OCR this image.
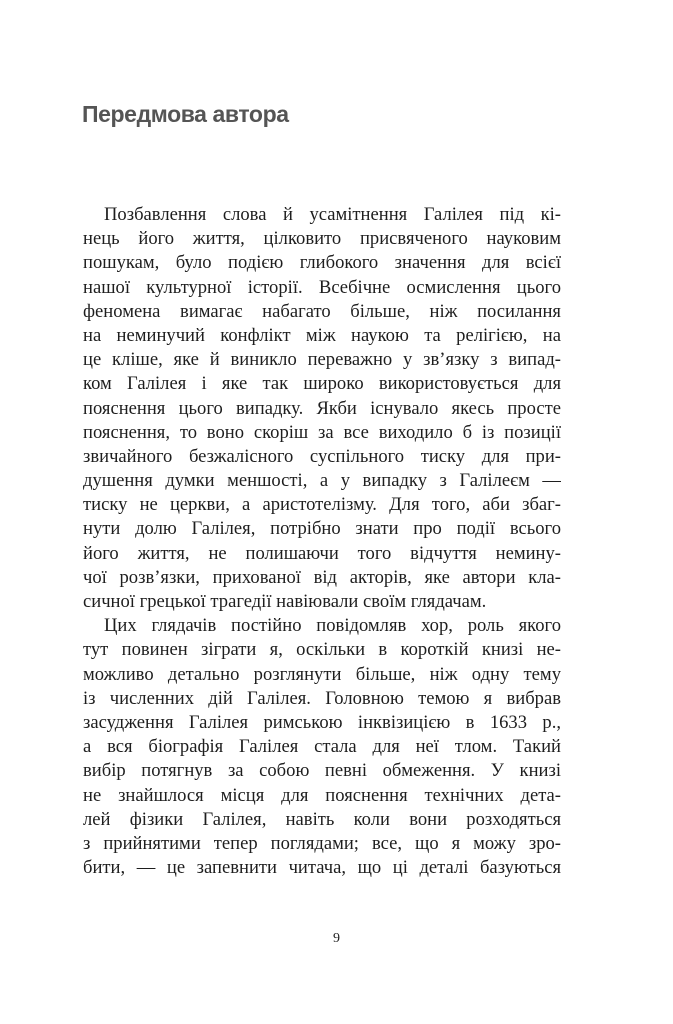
Передмова автора
Позбавлення слова й усамітнення Галілея під кі-
нець його життя, цілковито присвяченого науковим
пошукам, було подією глибокого значення для всієї
нашої культурної історії. Всебічне осмислення цього
феномена вимагає набагато більше, ніж посилання
на неминучий конфлікт між наукою та релігією, на
це кліше, яке й виникло переважно у зв’язку з випад-
ком Галілея і яке так широко використовується для
пояснення цього випадку. Якби існувало якесь просте
пояснення, то воно скоріш за все виходило б із позиції
звичайного безжалісного суспільного тиску для при-
душення думки меншості, а у випадку з Галілеєм —
тиску не церкви, а аристотелізму. Для того, аби збаг-
нути долю Галілея, потрібно знати про події всього
його життя, не полишаючи того відчуття немину-
чої розв’язки, прихованої від акторів, яке автори кла-
сичної грецької трагедії навіювали своїм глядачам.
Цих глядачів постійно повідомляв хор, роль якого
тут повинен зіграти я, оскільки в короткій книзі не-
можливо детально розглянути більше, ніж одну тему
із численних дій Галілея. Головною темою я вибрав
засудження Галілея римською інквізицією в 1633 р.,
а вся біографія Галілея стала для неї тлом. Такий
вибір потягнув за собою певні обмеження. У книзі
не знайшлося місця для пояснення технічних дета-
лей фізики Галілея, навіть коли вони розходяться
з прийнятими тепер поглядами; все, що я можу зро-
бити, — це запевнити читача, що ці деталі базуються
9
